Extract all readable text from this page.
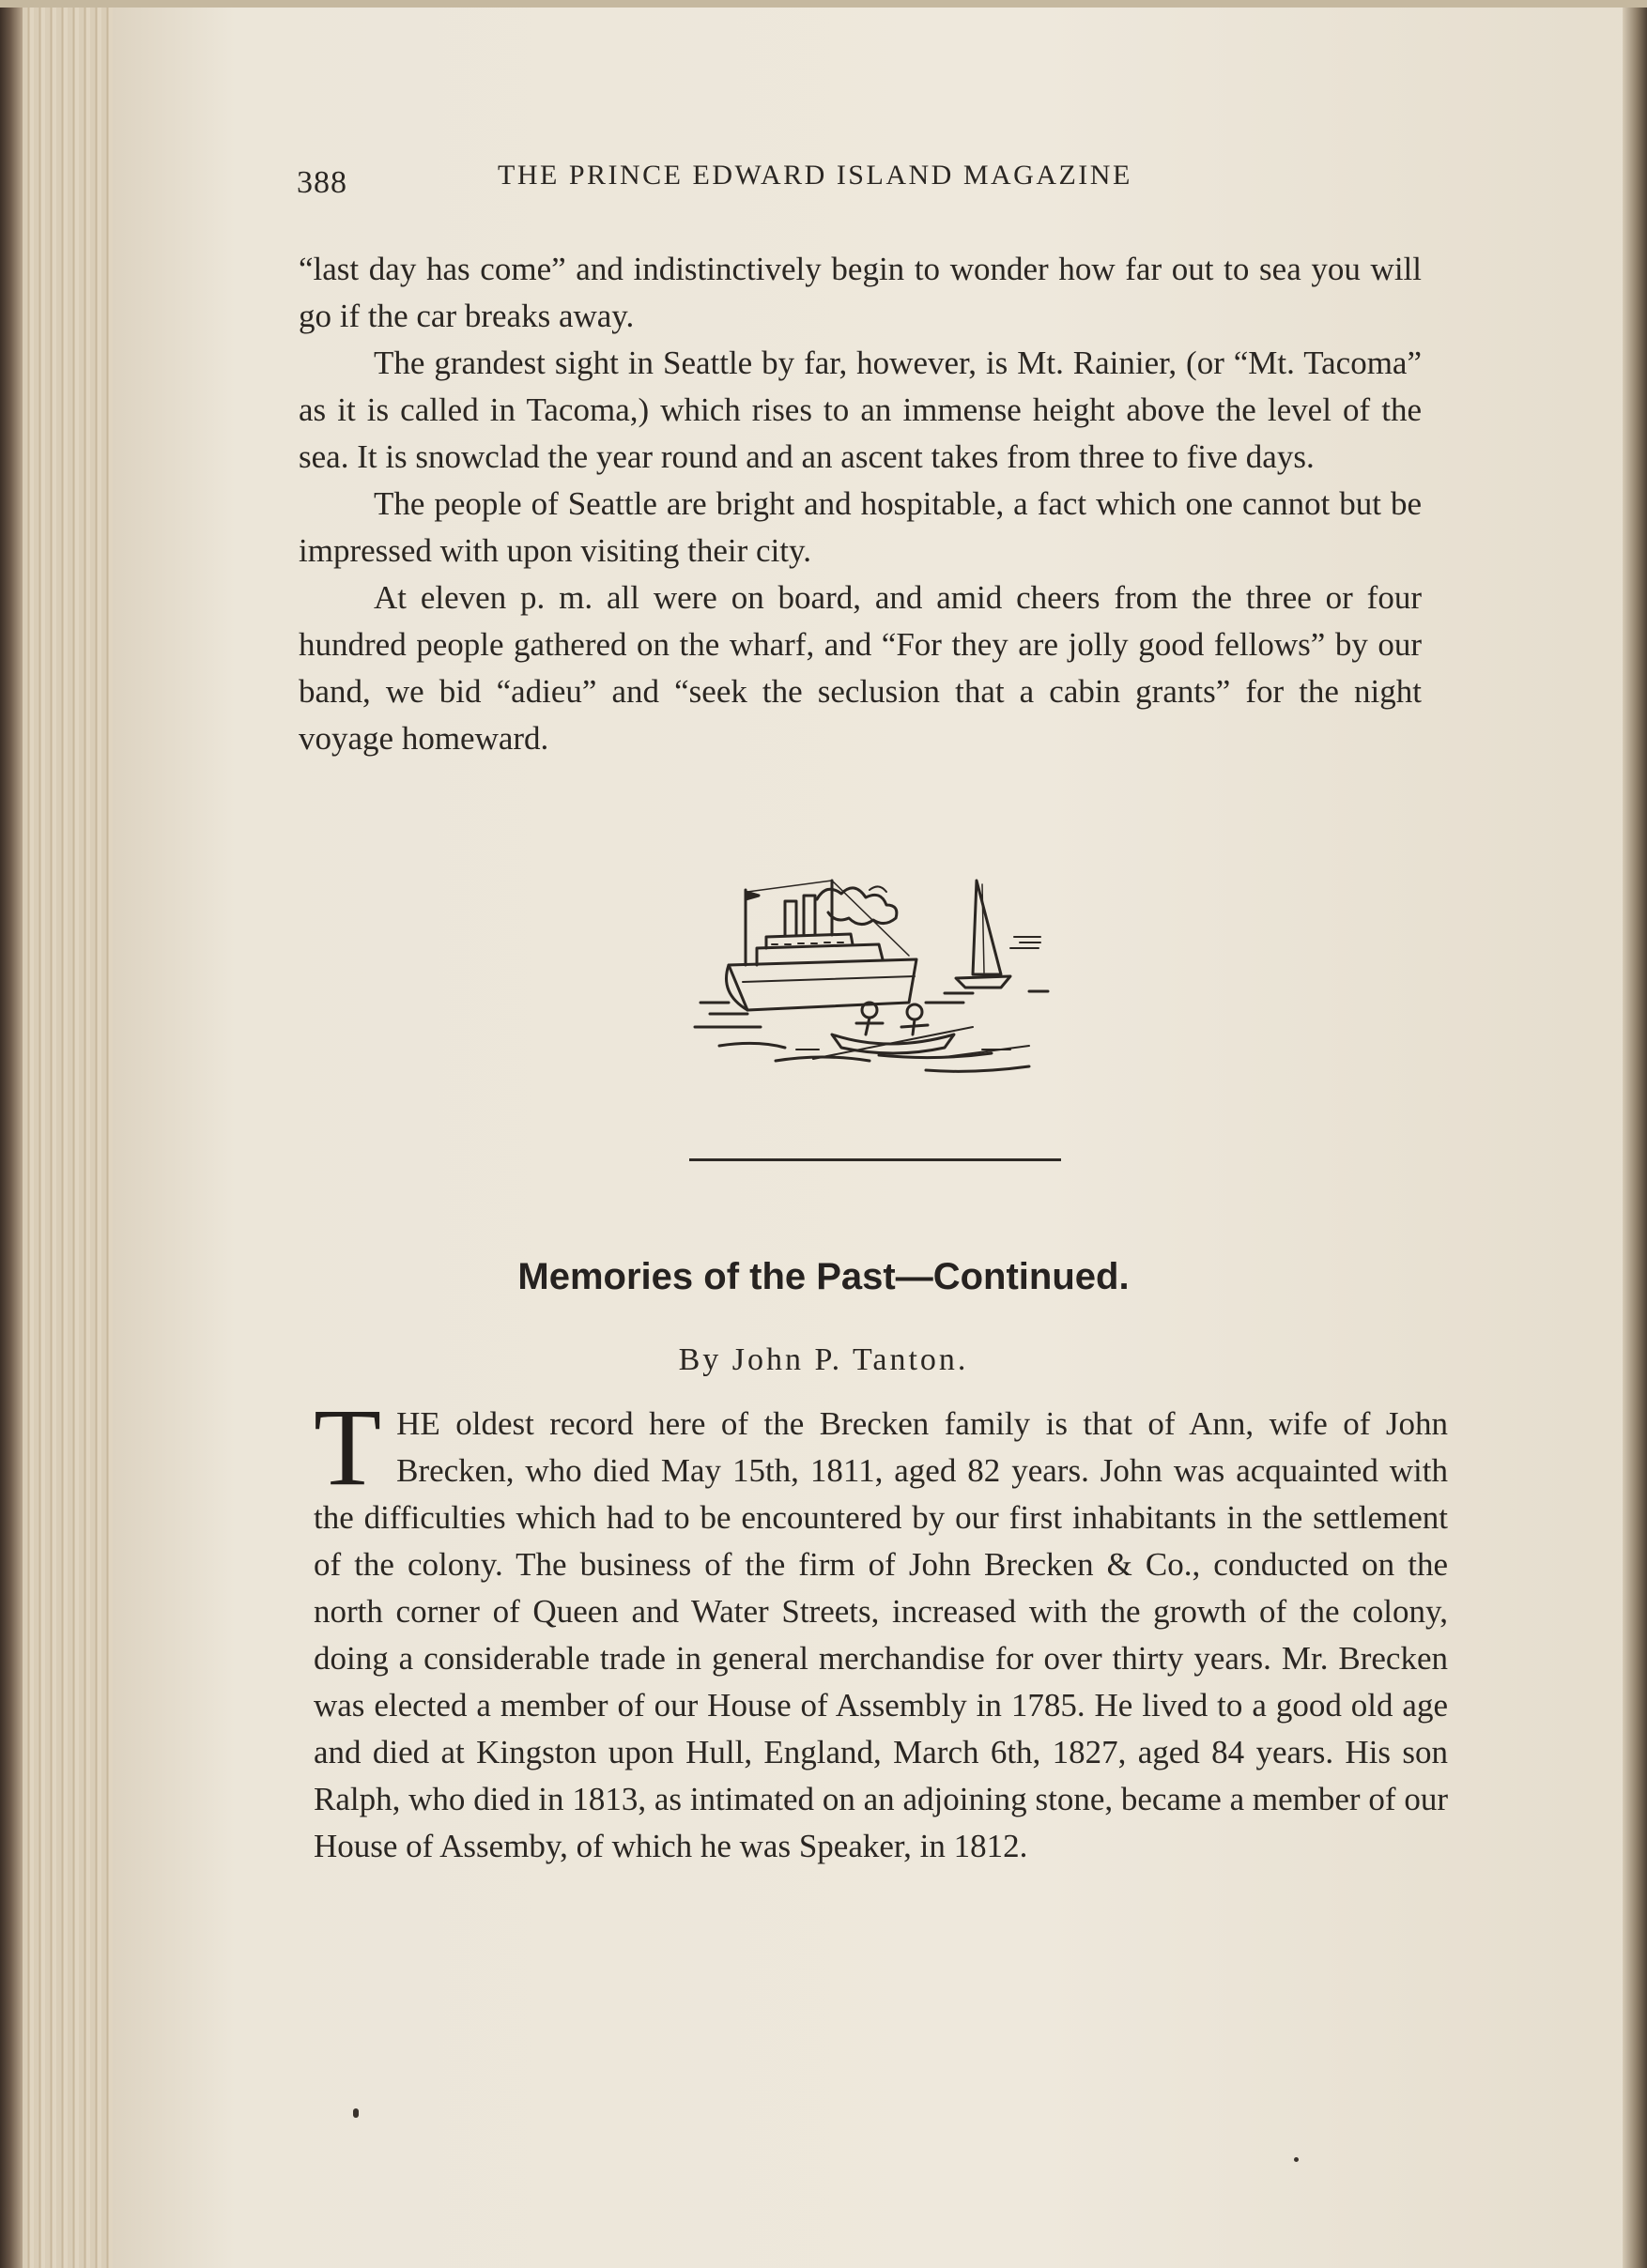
388	THE PRINCE EDWARD ISLAND MAGAZINE

“last day has come” and indistinctively begin to wonder how far out to sea you will go if the car breaks away.

The grandest sight in Seattle by far, however, is Mt. Rainier, (or “Mt. Tacoma” as it is called in Tacoma,) which rises to an immense height above the level of the sea. It is snowclad the year round and an ascent takes from three to five days.

The people of Seattle are bright and hospitable, a fact which one cannot but be impressed with upon visiting their city.

At eleven p. m. all were on board, and amid cheers from the three or four hundred people gathered on the wharf, and “For they are jolly good fellows” by our band, we bid “adieu” and “seek the seclusion that a cabin grants” for the night voyage homeward.

Memories of the Past—Continued.
By John P. Tanton.
T HE oldest record here of the Brecken family is that of Ann, wife of John Brecken, who died May 15th, 1811, aged 82 years. John was acquainted with the difficulties which had to be encountered by our first inhabitants in the settlement of the colony. The business of the firm of John Brecken & Co., conducted on the north corner of Queen and Water Streets, increased with the growth of the colony, doing a considerable trade in general merchandise for over thirty years. Mr. Brecken was elected a member of our House of Assembly in 1785. He lived to a good old age and died at Kingston upon Hull, England, March 6th, 1827, aged 84 years. His son Ralph, who died in 1813, as intimated on an adjoining stone, became a member of our House of Assemby, of which he was Speaker, in 1812.
